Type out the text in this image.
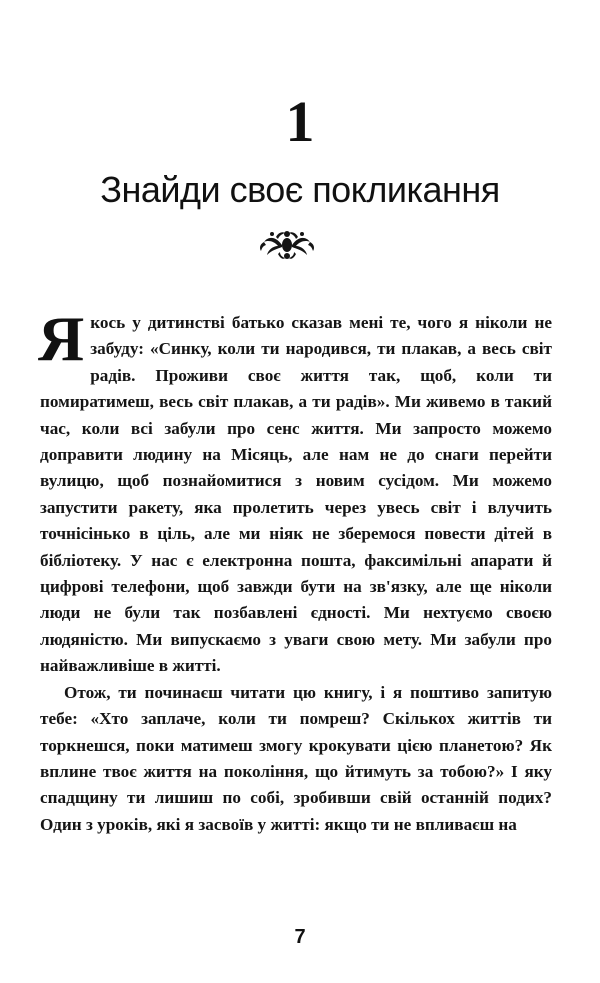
1
Знайди своє покликання

Якось у дитинстві батько сказав мені те, чого я ніколи не забуду: «Синку, коли ти народився, ти плакав, а весь світ радів. Проживи своє життя так, щоб, коли ти помиратимеш, весь світ плакав, а ти радів». Ми живемо в такий час, коли всі забули про сенс життя. Ми запросто можемо доправити людину на Місяць, але нам не до снаги перейти вулицю, щоб познайомитися з новим сусідом. Ми можемо запустити ракету, яка пролетить через увесь світ і влучить точнісінько в ціль, але ми ніяк не зберемося повести дітей в бібліотеку. У нас є електронна пошта, факсимільні апарати й цифрові телефони, щоб завжди бути на зв'язку, але ще ніколи люди не були так позбавлені єдності. Ми нехтуємо своєю людяністю. Ми випускаємо з уваги свою мету. Ми забули про найважливіше в житті.

Отож, ти починаєш читати цю книгу, і я поштиво запитую тебе: «Хто заплаче, коли ти помреш? Скількох життів ти торкнешся, поки матимеш змогу крокувати цією планетою? Як вплине твоє життя на покоління, що йтимуть за тобою?» І яку спадщину ти лишиш по собі, зробивши свій останній подих? Один з уроків, які я засвоїв у житті: якщо ти не впливаєш на

7
